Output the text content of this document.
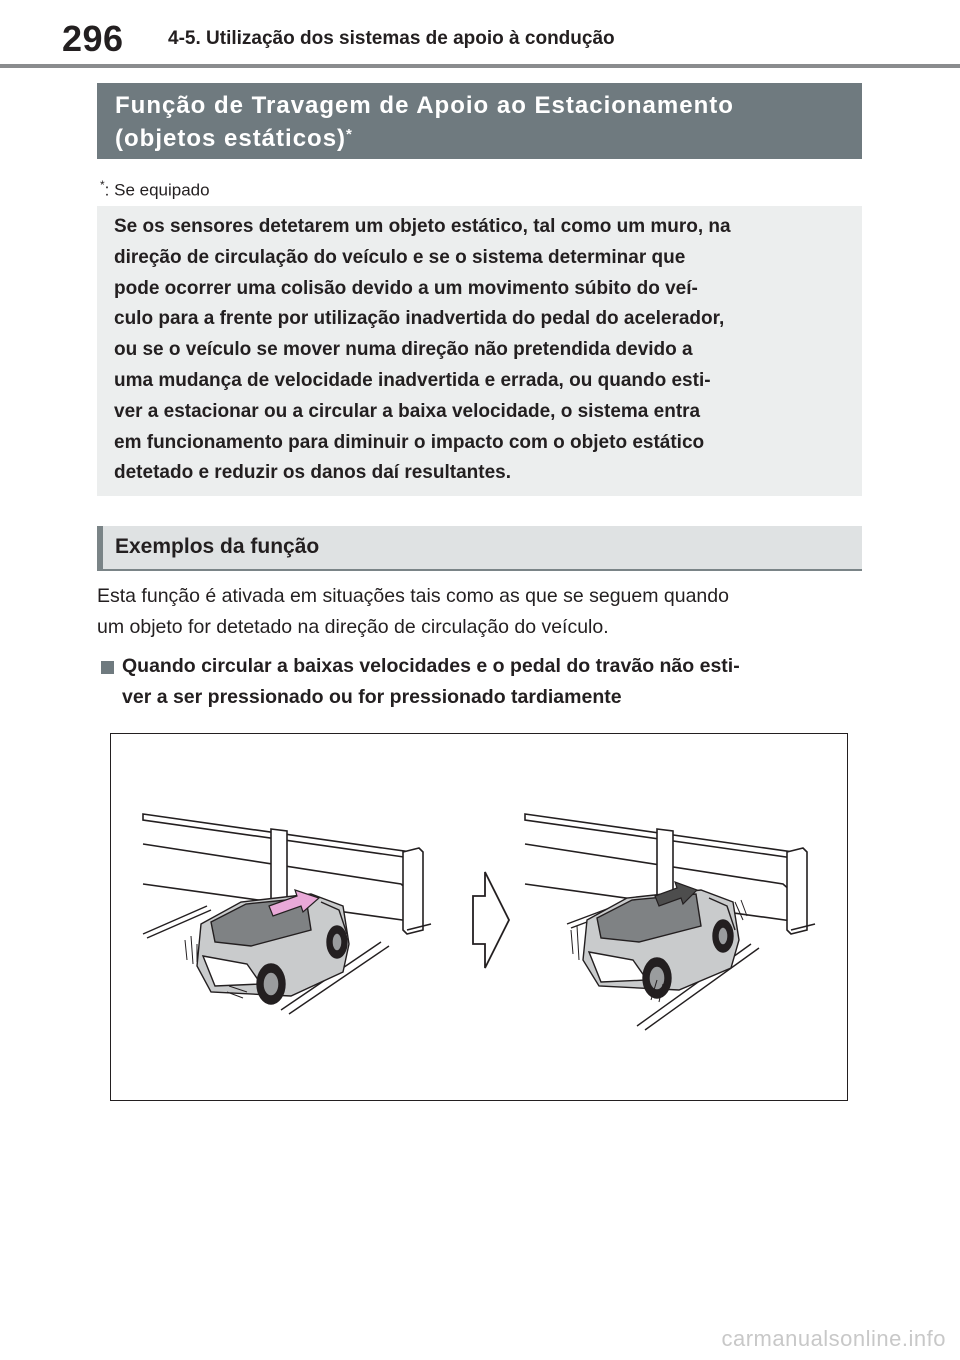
296 4-5. Utilização dos sistemas de apoio à condução
Função de Travagem de Apoio ao Estacionamento
(objetos estáticos)*
*: Se equipado
Se os sensores detetarem um objeto estático, tal como um muro, na
direção de circulação do veículo e se o sistema determinar que
pode ocorrer uma colisão devido a um movimento súbito do veí-
culo para a frente por utilização inadvertida do pedal do acelerador,
ou se o veículo se mover numa direção não pretendida devido a
uma mudança de velocidade inadvertida e errada, ou quando esti-
ver a estacionar ou a circular a baixa velocidade, o sistema entra
em funcionamento para diminuir o impacto com o objeto estático
detetado e reduzir os danos daí resultantes.
Exemplos da função
Esta função é ativada em situações tais como as que se seguem quando
um objeto for detetado na direção de circulação do veículo.
Quando circular a baixas velocidades e o pedal do travão não esti-
ver a ser pressionado ou for pressionado tardiamente
carmanualsonline.info
